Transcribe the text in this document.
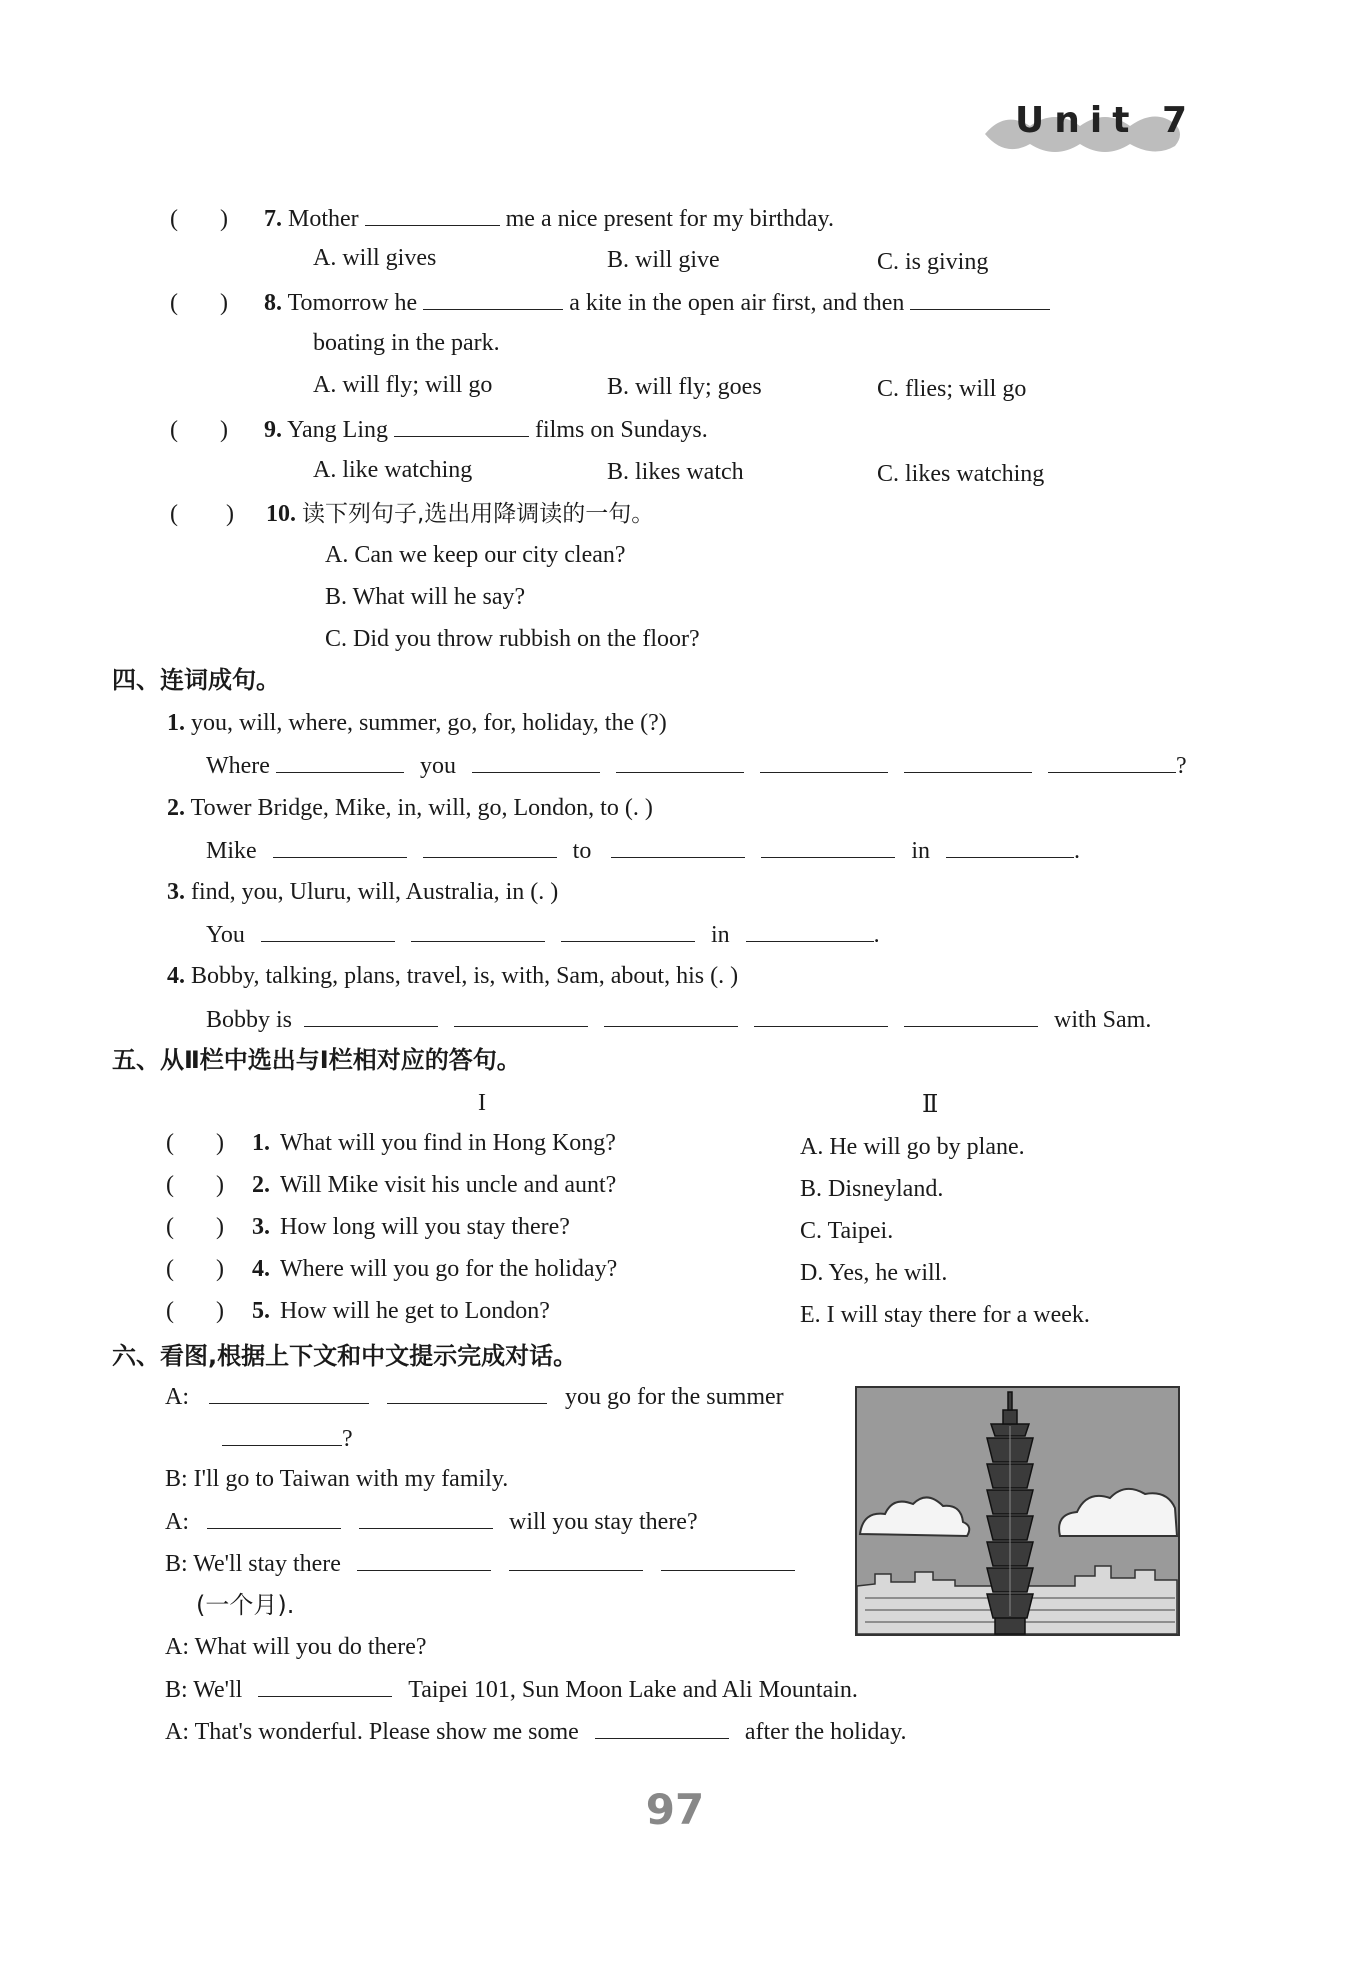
Unit 7
(       ) 7. Mother	me a nice present for my birthday.
A. will gives	B. will give	C. is giving
(       ) 8. Tomorrow he	a kite in the open air first, and then
boating in the park.
A. will fly; will go	B. will fly; goes	C. flies; will go
(       ) 9. Yang Ling	films on Sundays.
A. like watching	B. likes watch	C. likes watching
(        ) 10. 读下列句子,选出用降调读的一句。
A. Can we keep our city clean?
B. What will he say?
C. Did you throw rubbish on the floor?
四、连词成句。
1. you, will, where, summer, go, for, holiday, the (?)
Where	you	?
2. Tower Bridge, Mike, in, will, go, London, to (. )
Mike	to	in	.
3. find, you, Uluru, will, Australia, in (. )
You	in	.
4. Bobby, talking, plans, travel, is, with, Sam, about, his (. )
Bobby is	with Sam.
五、从Ⅱ栏中选出与Ⅰ栏相对应的答句。
I	Ⅱ
(       ) 1. What will you find in Hong Kong?
(       ) 2. Will Mike visit his uncle and aunt?
(       ) 3. How long will you stay there?
(       ) 4. Where will you go for the holiday?
(       ) 5. How will he get to London?
A. He will go by plane.
B. Disneyland.
C. Taipei.
D. Yes, he will.
E. I will stay there for a week.
六、看图,根据上下文和中文提示完成对话。
A:	you go for the summer
?
B: I'll go to Taiwan with my family.
A:	will you stay there?
B: We'll stay there
(一个月).
A: What will you do there?
B: We'll	Taipei 101, Sun Moon Lake and Ali Mountain.
A: That's wonderful. Please show me some	after the holiday.
97
